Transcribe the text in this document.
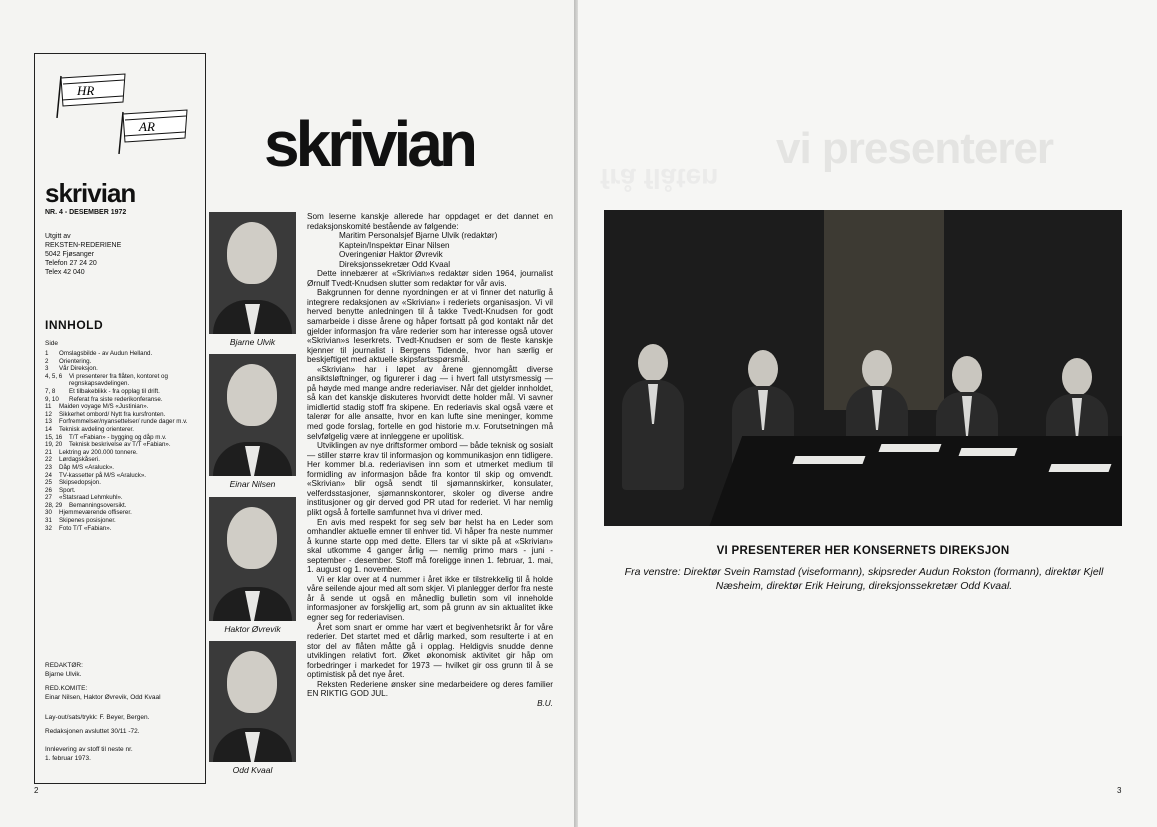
HR
AR
skrivian
NR. 4 - DESEMBER 1972
Utgitt av
REKSTEN-REDERIENE
5042 Fjøsanger
Telefon 27 24 20
Telex 42 040
INNHOLD
Side
1	Omslagsbilde - av Audun Helland.
2	Orientering.
3	Vår Direksjon.
4, 5, 6	Vi presenterer fra flåten, kontoret og regnskapsavdelingen.
7, 8	Et tilbakeblikk - fra opplag til drift.
9, 10	Referat fra siste rederikonferanse.
11	Maiden voyage M/S «Justinian».
12	Sikkerhet ombord/ Nytt fra kursfronten.
13	Forfremmelser/nyansettelser/ runde dager m.v.
14	Teknisk avdeling orienterer.
15, 16	T/T «Fabian» - bygging og dåp m.v.
19, 20	Teknisk beskrivelse av T/T «Fabian».
21	Lektring av 200.000 tonnere.
22	Lørdagskåseri.
23	Dåp M/S «Araluck».
24	TV-kassetter på M/S «Araluck».
25	Skipsedopsjon.
26	Sport.
27	«Statsraad Lehmkuhl».
28, 29	Bemanningsoversikt.
30	Hjemmeværende offiserer.
31	Skipenes posisjoner.
32	Foto T/T «Fabian».
REDAKTØR:
Bjarne Ulvik.
RED.KOMITE:
Einar Nilsen, Haktor Øvrevik, Odd Kvaal
Lay-out/sats/trykk: F. Beyer, Bergen.
Redaksjonen avsluttet 30/11 -72.
Innlevering av stoff til neste nr.
1. februar 1973.
skrivian
Bjarne Ulvik
Einar Nilsen
Haktor Øvrevik
Odd Kvaal

Som leserne kanskje allerede har oppdaget er det dannet en redaksjonskomité bestående av følgende:

Maritim Personalsjef Bjarne Ulvik (redaktør)

Kaptein/Inspektør Einar Nilsen

Overingeniør Haktor Øvrevik

Direksjonssekretær Odd Kvaal

Dette innebærer at «Skrivian»s redaktør siden 1964, journalist Ørnulf Tvedt-Knudsen slutter som redaktør for vår avis.

Bakgrunnen for denne nyordningen er at vi finner det naturlig å integrere redaksjonen av «Skrivian» i rederiets organisasjon. Vi vil herved benytte anledningen til å takke Tvedt-Knudsen for godt samarbeide i disse årene og håper fortsatt på god kontakt når det gjelder informasjon fra våre rederier som har interesse også utover «Skrivian»s leserkrets. Tvedt-Knudsen er som de fleste kanskje kjenner til journalist i Bergens Tidende, hvor han særlig er beskjeftiget med aktuelle skipsfartsspørsmål.

«Skrivian» har i løpet av årene gjennomgått diverse ansiktsløftninger, og figurerer i dag — i hvert fall utstyrsmessig — på høyde med mange andre rederiaviser. Når det gjelder innholdet, så kan det kanskje diskuteres hvorvidt dette holder mål. Vi savner imidlertid stadig stoff fra skipene. En rederiavis skal også være et talerør for alle ansatte, hvor en kan lufte sine meninger, komme med gode forslag, fortelle en god historie m.v. Forutsetningen må selvfølgelig være at innleggene er upolitisk.

Utviklingen av nye driftsformer ombord — både teknisk og sosialt — stiller større krav til informasjon og kommunikasjon enn tidligere. Her kommer bl.a. rederiavisen inn som et utmerket medium til formidling av informasjon både fra kontor til skip og omvendt. «Skrivian» blir også sendt til sjømannskirker, konsulater, velferdsstasjoner, sjømannskontorer, skoler og diverse andre institusjoner og gir derved god PR utad for rederiet. Vi har nemlig plikt også å fortelle samfunnet hva vi driver med.

En avis med respekt for seg selv bør helst ha en Leder som omhandler aktuelle emner til enhver tid. Vi håper fra neste nummer å kunne starte opp med dette. Ellers tar vi sikte på at «Skrivian» skal utkomme 4 ganger årlig — nemlig primo mars - juni - september - desember. Stoff må foreligge innen 1. februar, 1. mai, 1. august og 1. november.

Vi er klar over at 4 nummer i året ikke er tilstrekkelig til å holde våre seilende ajour med alt som skjer. Vi planlegger derfor fra neste år å sende ut også en månedlig bulletin som vil inneholde informasjoner av forskjellig art, som på grunn av sin aktualitet ikke egner seg for rederiavisen.

Året som snart er omme har vært et begivenhetsrikt år for våre rederier. Det startet med et dårlig marked, som resulterte i at en stor del av flåten måtte gå i opplag. Heldigvis snudde denne utviklingen relativt fort. Øket økonomisk aktivitet gir håp om forbedringer i markedet for 1973 — hvilket gir oss grunn til å se optimistisk på det nye året.

Reksten Rederiene ønsker sine medarbeidere og deres familier EN RIKTIG GOD JUL.

B.U.

2
vi presenterer
frå flåten
VI PRESENTERER HER KONSERNETS DIREKSJON
Fra venstre: Direktør Svein Ramstad (viseformann), skipsreder Audun Rokston (formann), direktør Kjell Næsheim, direktør Erik Heirung, direksjonssekretær Odd Kvaal.
3
